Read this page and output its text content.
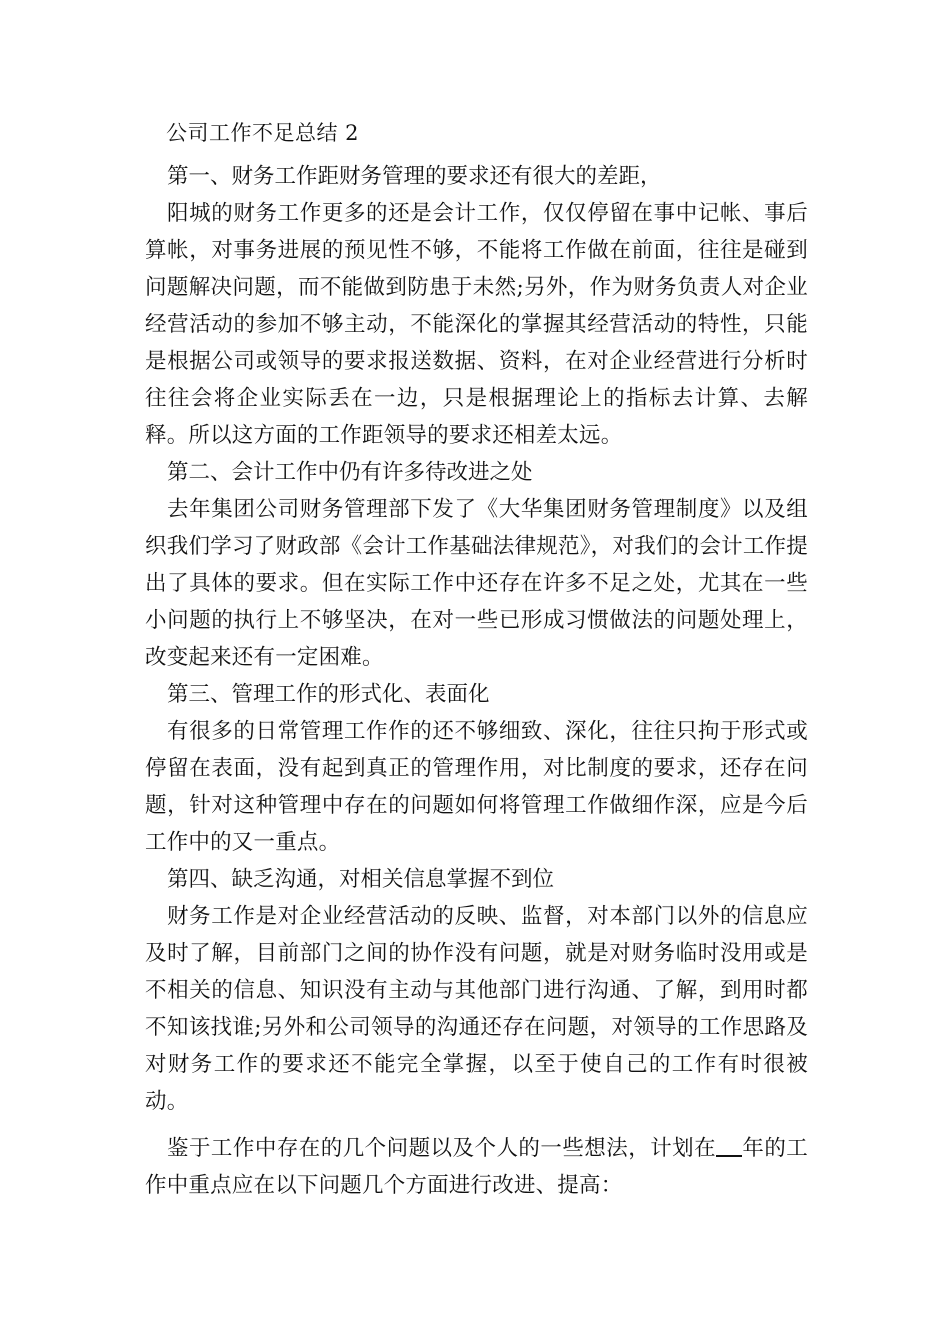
公司工作不足总结 2

第一、财务工作距财务管理的要求还有很大的差距，

阳城的财务工作更多的还是会计工作，仅仅停留在事中记帐、事后算帐，对事务进展的预见性不够，不能将工作做在前面，往往是碰到问题解决问题，而不能做到防患于未然;另外，作为财务负责人对企业经营活动的参加不够主动，不能深化的掌握其经营活动的特性，只能是根据公司或领导的要求报送数据、资料，在对企业经营进行分析时往往会将企业实际丢在一边，只是根据理论上的指标去计算、去解释。所以这方面的工作距领导的要求还相差太远。

第二、会计工作中仍有许多待改进之处

去年集团公司财务管理部下发了《大华集团财务管理制度》以及组织我们学习了财政部《会计工作基础法律规范》，对我们的会计工作提出了具体的要求。但在实际工作中还存在许多不足之处，尤其在一些小问题的执行上不够坚决，在对一些已形成习惯做法的问题处理上，改变起来还有一定困难。

第三、管理工作的形式化、表面化

有很多的日常管理工作作的还不够细致、深化，往往只拘于形式或停留在表面，没有起到真正的管理作用，对比制度的要求，还存在问题，针对这种管理中存在的问题如何将管理工作做细作深，应是今后工作中的又一重点。

第四、缺乏沟通，对相关信息掌握不到位

财务工作是对企业经营活动的反映、监督，对本部门以外的信息应及时了解，目前部门之间的协作没有问题，就是对财务临时没用或是不相关的信息、知识没有主动与其他部门进行沟通、了解，到用时都不知该找谁;另外和公司领导的沟通还存在问题，对领导的工作思路及对财务工作的要求还不能完全掌握，以至于使自己的工作有时很被动。

鉴于工作中存在的几个问题以及个人的一些想法，计划在 年的工作中重点应在以下问题几个方面进行改进、提高：
